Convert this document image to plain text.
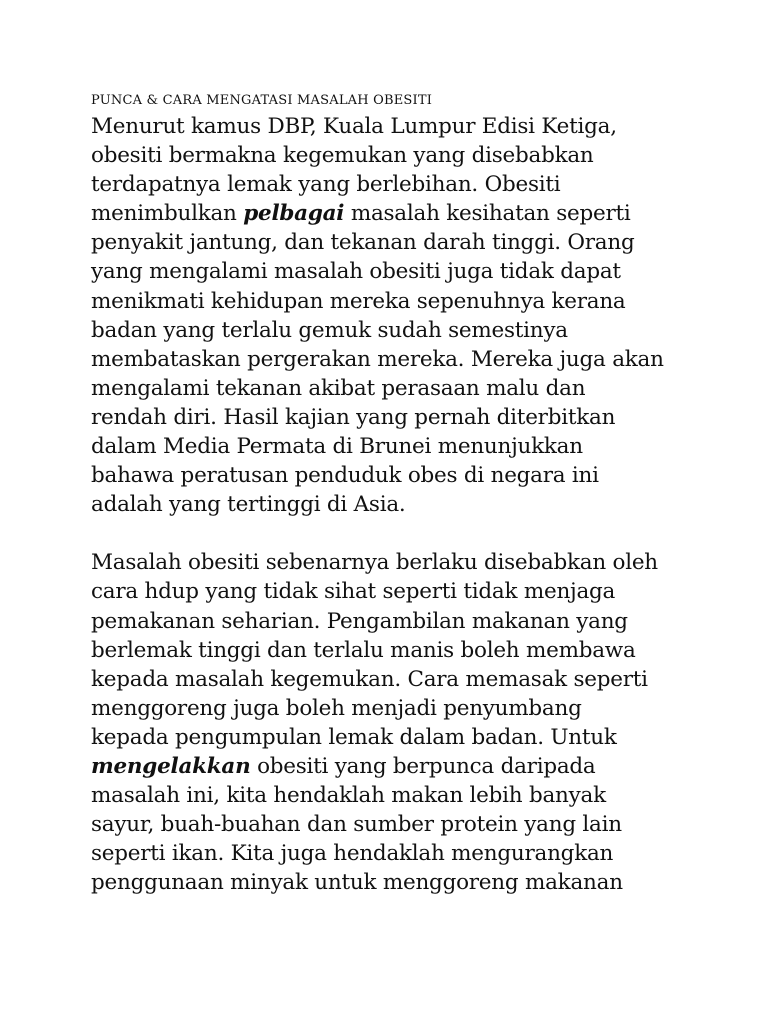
PUNCA & CARA MENGATASI MASALAH OBESITI

Menurut kamus DBP, Kuala Lumpur Edisi Ketiga,
obesiti bermakna kegemukan yang disebabkan
terdapatnya lemak yang berlebihan. Obesiti
menimbulkan pelbagai masalah kesihatan seperti
penyakit jantung, dan tekanan darah tinggi. Orang
yang mengalami masalah obesiti juga tidak dapat
menikmati kehidupan mereka sepenuhnya kerana
badan yang terlalu gemuk sudah semestinya
membataskan pergerakan mereka. Mereka juga akan
mengalami tekanan akibat perasaan malu dan
rendah diri. Hasil kajian yang pernah diterbitkan
dalam Media Permata di Brunei menunjukkan
bahawa peratusan penduduk obes di negara ini
adalah yang tertinggi di Asia.

Masalah obesiti sebenarnya berlaku disebabkan oleh
cara hdup yang tidak sihat seperti tidak menjaga
pemakanan seharian. Pengambilan makanan yang
berlemak tinggi dan terlalu manis boleh membawa
kepada masalah kegemukan. Cara memasak seperti
menggoreng juga boleh menjadi penyumbang
kepada pengumpulan lemak dalam badan. Untuk
mengelakkan obesiti yang berpunca daripada
masalah ini, kita hendaklah makan lebih banyak
sayur, buah-buahan dan sumber protein yang lain
seperti ikan. Kita juga hendaklah mengurangkan
penggunaan minyak untuk menggoreng makanan
